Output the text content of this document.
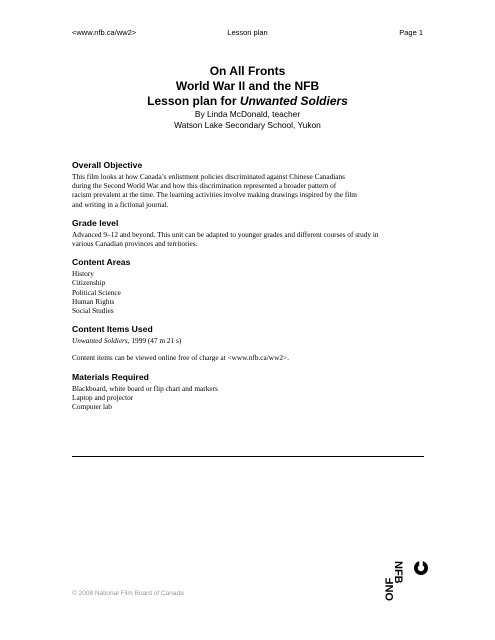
<www.nfb.ca/ww2>	Lesson plan	Page 1
On All Fronts
World War II and the NFB
Lesson plan for Unwanted Soldiers
By Linda McDonald, teacher
Watson Lake Secondary School, Yukon
Overall Objective
This film looks at how Canada’s enlistment policies discriminated against Chinese Canadians
during the Second World War and how this discrimination represented a broader pattern of
racism prevalent at the time. The learning activities involve making drawings inspired by the film
and writing in a fictional journal.
Grade level
Advanced 9–12 and beyond. This unit can be adapted to younger grades and different courses of study in
various Canadian provinces and territories.
Content Areas
History
Citizenship
Political Science
Human Rights
Social Studies
Content Items Used
Unwanted Soldiers, 1999 (47 m 21 s)
Content items can be viewed online free of charge at <www.nfb.ca/ww2>.
Materials Required
Blackboard, white board or flip chart and markers
Laptop and projector
Computer lab
© 2008 National Film Board of Canada
NFB
ONF
